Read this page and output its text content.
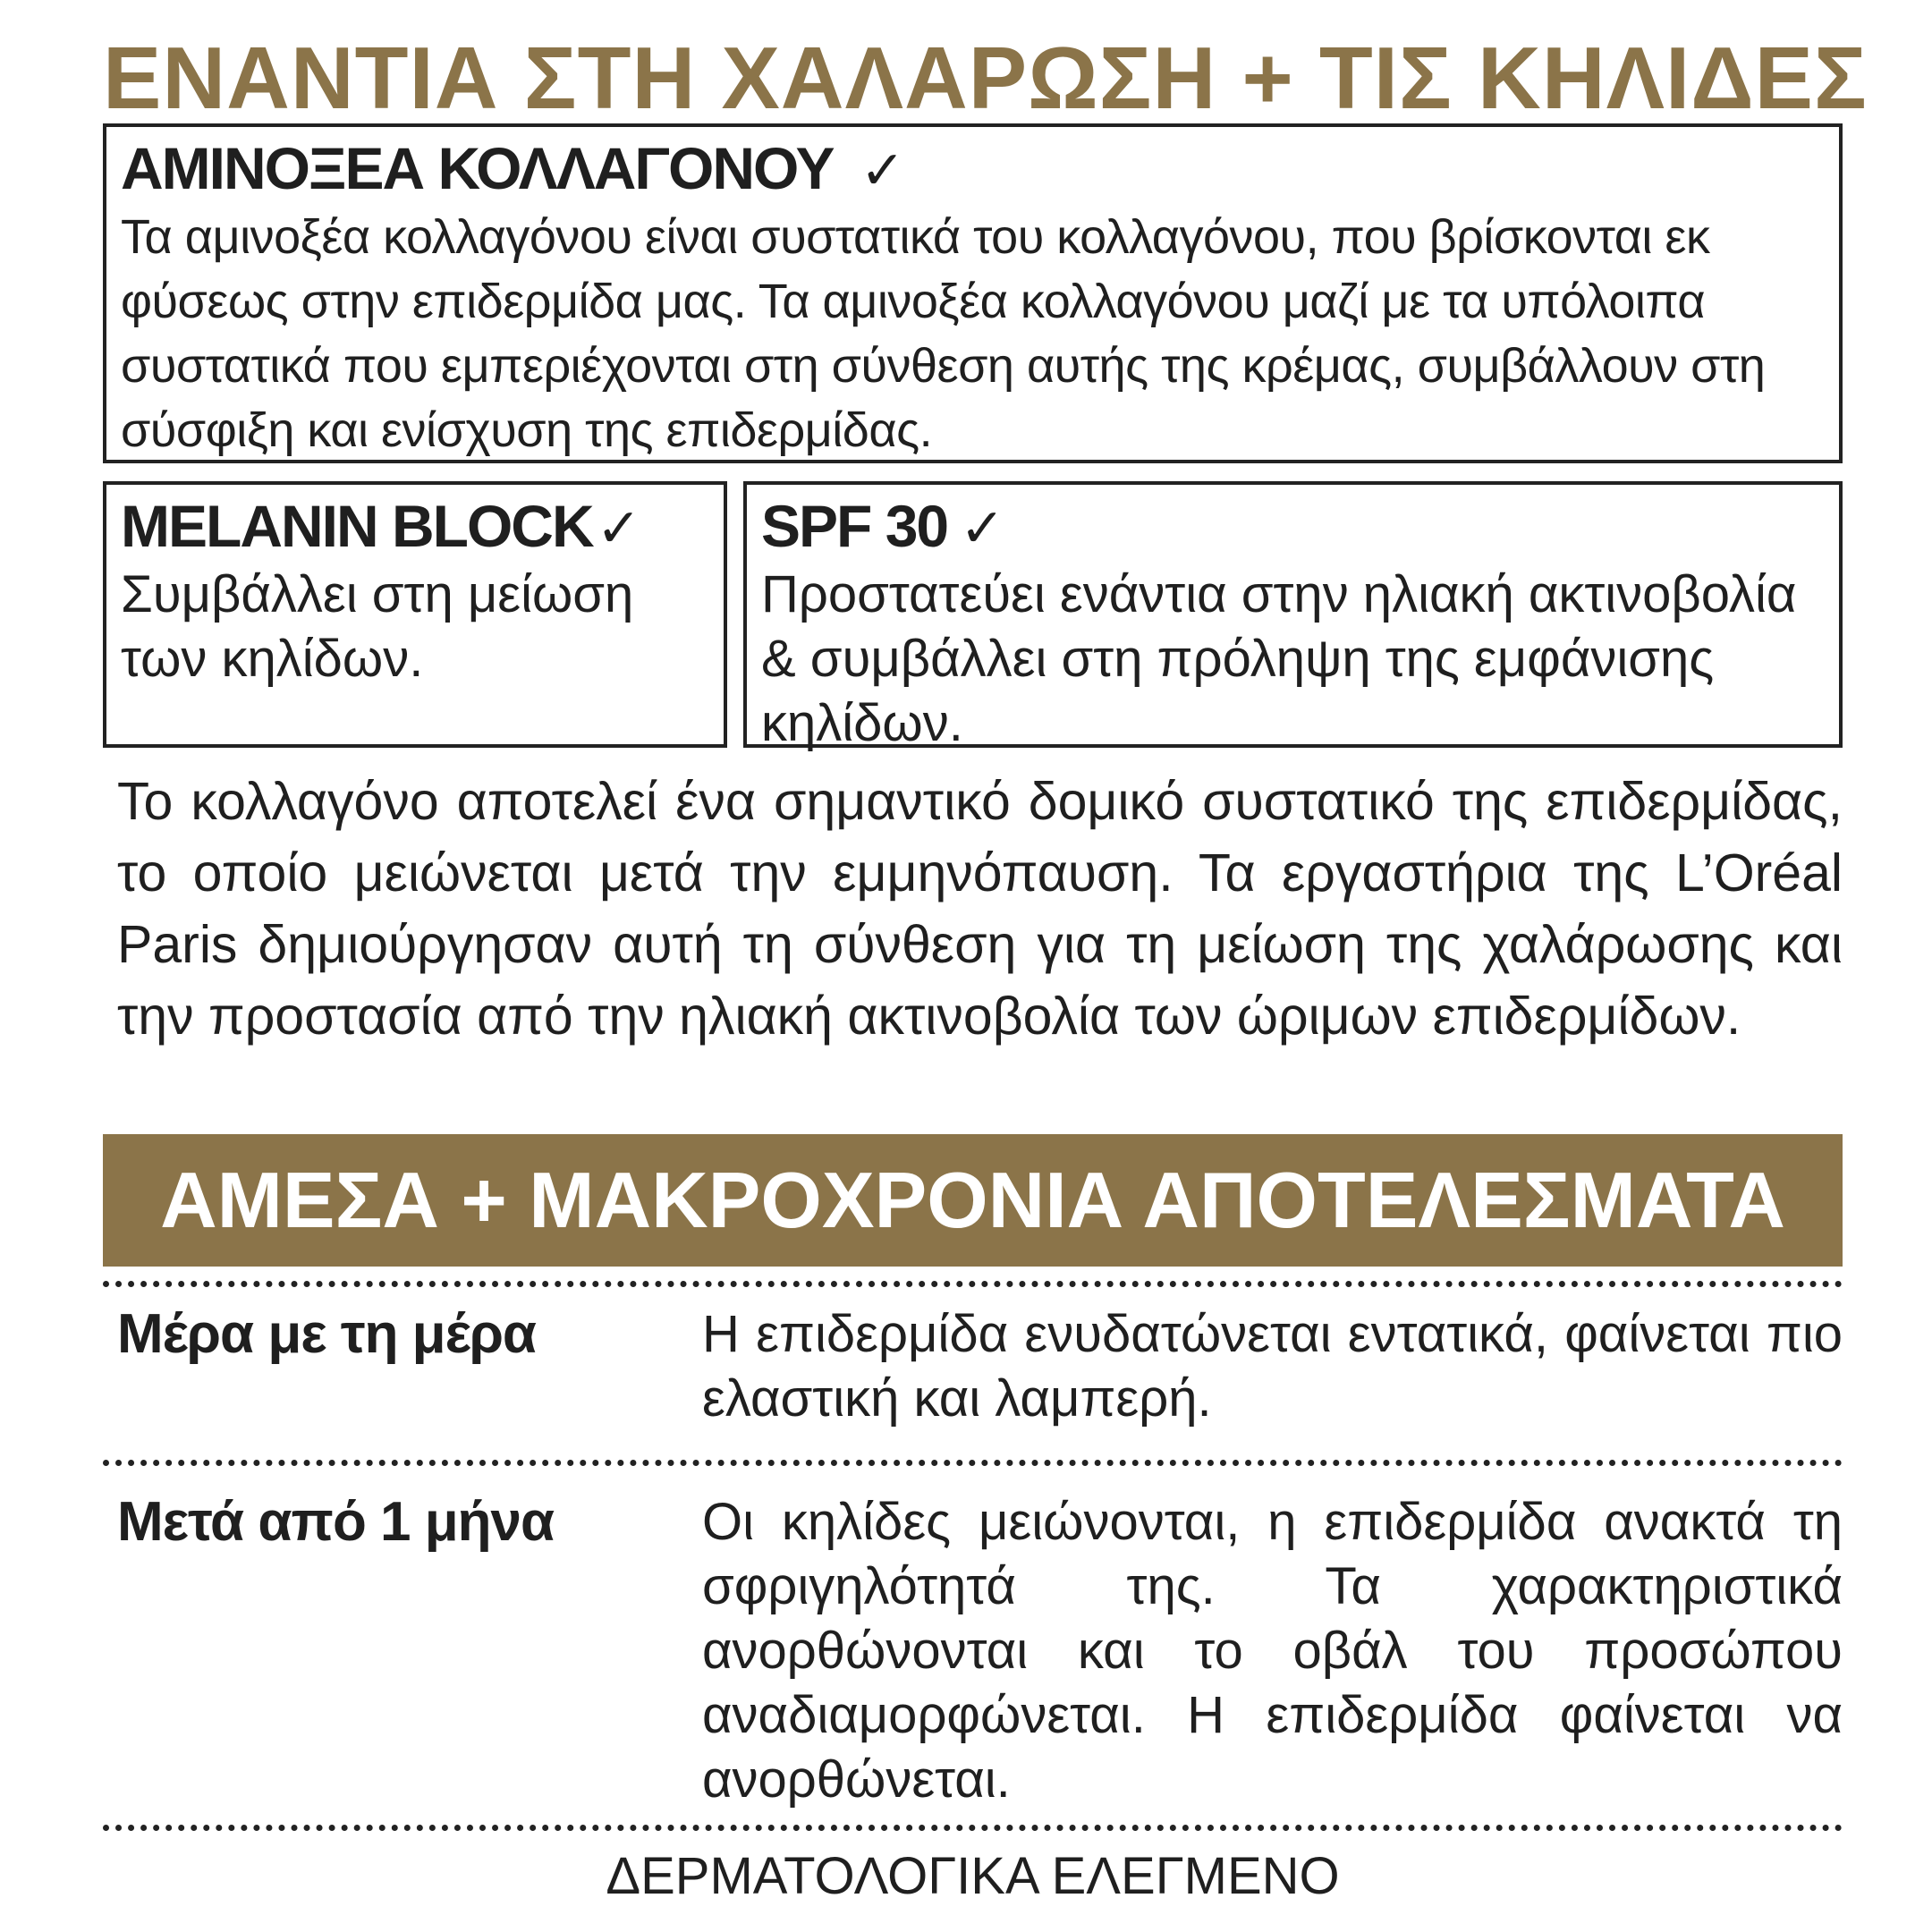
ΕΝΑΝΤΙΑ ΣΤΗ ΧΑΛΑΡΩΣΗ + ΤΙΣ ΚΗΛΙΔΕΣ
ΑΜΙΝΟΞΕΑ ΚΟΛΛΑΓΟΝΟΥ ✓
Τα αμινοξέα κολλαγόνου είναι συστατικά του κολλαγόνου, που βρίσκονται εκ φύσεως στην επιδερμίδα μας. Τα αμινοξέα κολλαγόνου μαζί με τα υπόλοιπα συστατικά που εμπεριέχονται στη σύνθεση αυτής της κρέμας, συμβάλλουν στη σύσφιξη και ενίσχυση της επιδερμίδας.
MELANIN BLOCK✓
Συμβάλλει στη μείωση των κηλίδων.
SPF 30 ✓
Προστατεύει ενάντια στην ηλιακή ακτινοβολία & συμβάλλει στη πρόληψη της εμφάνισης κηλίδων.
Το κολλαγόνο αποτελεί ένα σημαντικό δομικό συστατικό της επιδερμίδας, το οποίο μειώνεται μετά την εμμηνόπαυση. Τα εργαστήρια της L’Oréal Paris δημιούργησαν αυτή τη σύνθεση για τη μείωση της χαλάρωσης και την προστασία από την ηλιακή ακτινοβολία των ώριμων επιδερμίδων.
ΑΜΕΣΑ + ΜΑΚΡΟΧΡΟΝΙΑ ΑΠΟΤΕΛΕΣΜΑΤΑ
Μέρα με τη μέρα	Η επιδερμίδα ενυδατώνεται εντατικά, φαίνεται πιο ελαστική και λαμπερή.
Μετά από 1 μήνα	Οι κηλίδες μειώνονται, η επιδερμίδα ανακτά τη σφριγηλότητά της. Τα χαρακτηριστικά ανορθώνονται και το οβάλ του προσώπου αναδιαμορφώνεται. Η επιδερμίδα φαίνεται να ανορθώνεται.
ΔΕΡΜΑΤΟΛΟΓΙΚΑ ΕΛΕΓΜΕΝΟ
